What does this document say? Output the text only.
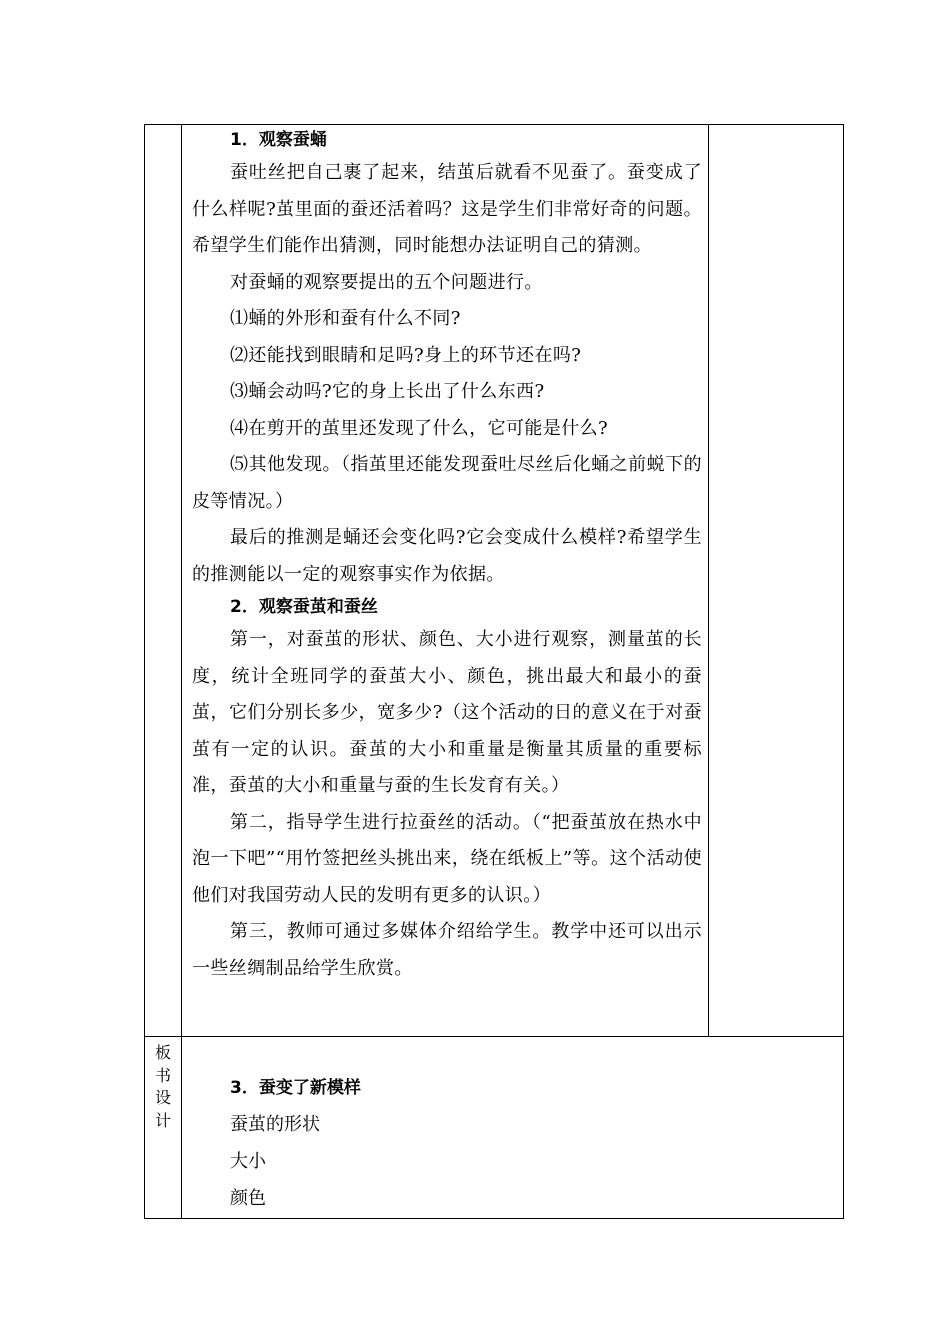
1．观察蚕蛹

蚕吐丝把自己裹了起来，结茧后就看不见蚕了。蚕变成了什么样呢?茧里面的蚕还活着吗？这是学生们非常好奇的问题。希望学生们能作出猜测，同时能想办法证明自己的猜测。

对蚕蛹的观察要提出的五个问题进行。

⑴蛹的外形和蚕有什么不同?

⑵还能找到眼睛和足吗?身上的环节还在吗?

⑶蛹会动吗?它的身上长出了什么东西?

⑷在剪开的茧里还发现了什么，它可能是什么?

⑸其他发现。（指茧里还能发现蚕吐尽丝后化蛹之前蜕下的皮等情况。）

最后的推测是蛹还会变化吗?它会变成什么模样?希望学生的推测能以一定的观察事实作为依据。

2．观察蚕茧和蚕丝

第一，对蚕茧的形状、颜色、大小进行观察，测量茧的长度，统计全班同学的蚕茧大小、颜色，挑出最大和最小的蚕茧，它们分别长多少，宽多少?（这个活动的日的意义在于对蚕茧有一定的认识。蚕茧的大小和重量是衡量其质量的重要标准，蚕茧的大小和重量与蚕的生长发育有关。）

第二，指导学生进行拉蚕丝的活动。（“把蚕茧放在热水中泡一下吧”“用竹签把丝头挑出来，绕在纸板上”等。这个活动使他们对我国劳动人民的发明有更多的认识。）

第三，教师可通过多媒体介绍给学生。教学中还可以出示一些丝绸制品给学生欣赏。

板
书
设
计

3．蚕变了新模样

蚕茧的形状

大小

颜色
